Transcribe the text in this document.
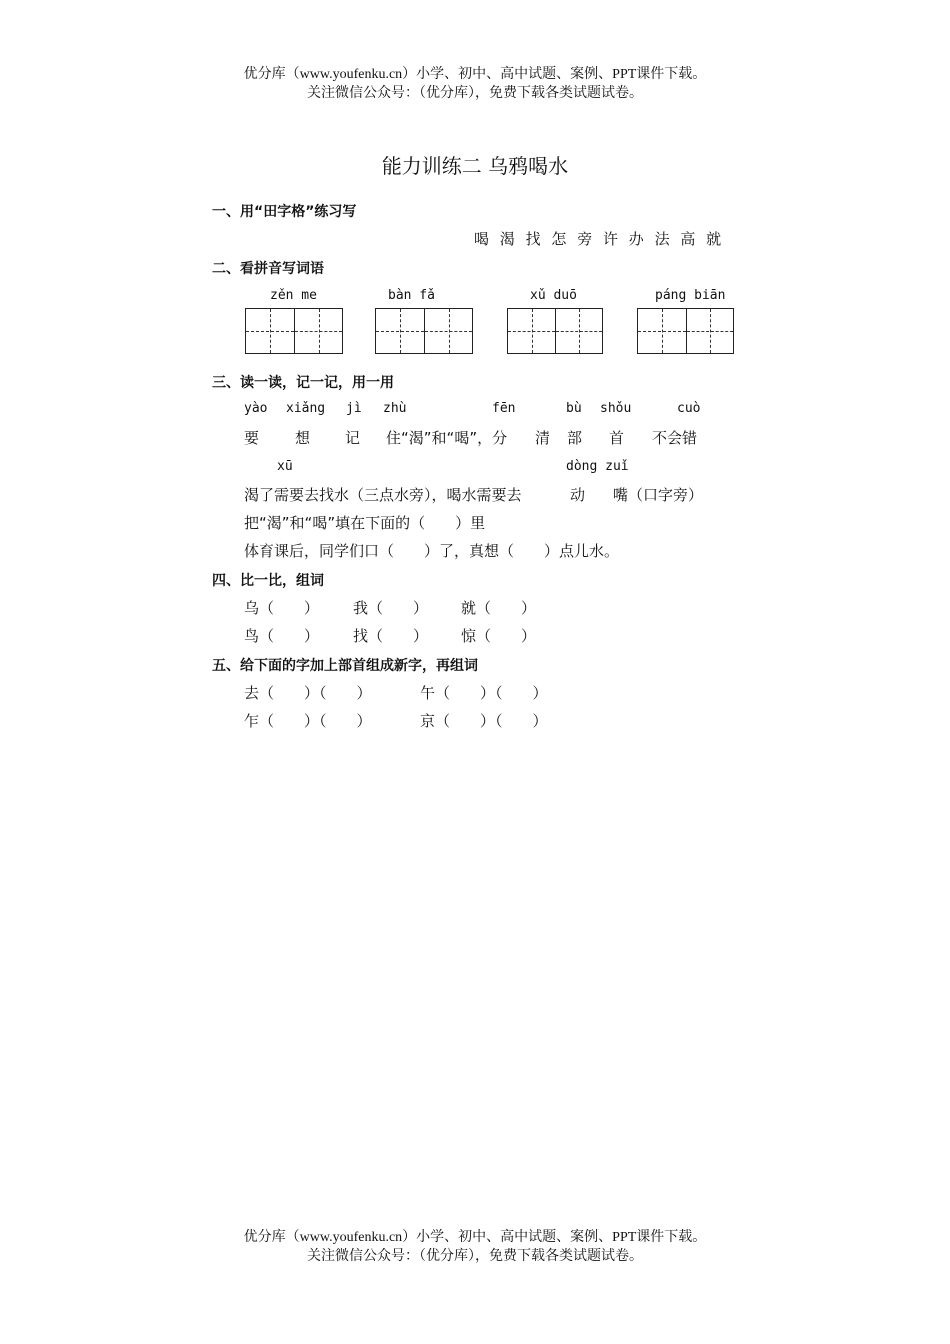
优分库（www.youfenku.cn）小学、初中、高中试题、案例、PPT课件下载。
关注微信公众号：（优分库），免费下载各类试题试卷。
能力训练二 乌鸦喝水
一、用“田字格”练习写
喝 渴 找 怎 旁 许 办 法 高 就
二、看拼音写词语
zěn me	bàn fǎ	xǔ duō	páng biān
三、读一读，记一记，用一用
yào xiǎng jì zhù	fēn	bù shǒu	cuò
要 想 记 住“渴”和“喝”，分 清 部 首 不会错
xū	dòng zuǐ
渴了需要去找水（三点水旁），喝水需要去	动 嘴（口字旁）
把“渴”和“喝”填在下面的（　　）里
体育课后，同学们口（　　）了，真想（　　）点儿水。
四、比一比，组词
乌（　　） 我（　　） 就（　　）
鸟（　　） 找（　　） 惊（　　）
五、给下面的字加上部首组成新字，再组词
去（　　）（　　）	午（　　）（　　）
乍（　　）（　　）	京（　　）（　　）
优分库（www.youfenku.cn）小学、初中、高中试题、案例、PPT课件下载。
关注微信公众号：（优分库），免费下载各类试题试卷。
